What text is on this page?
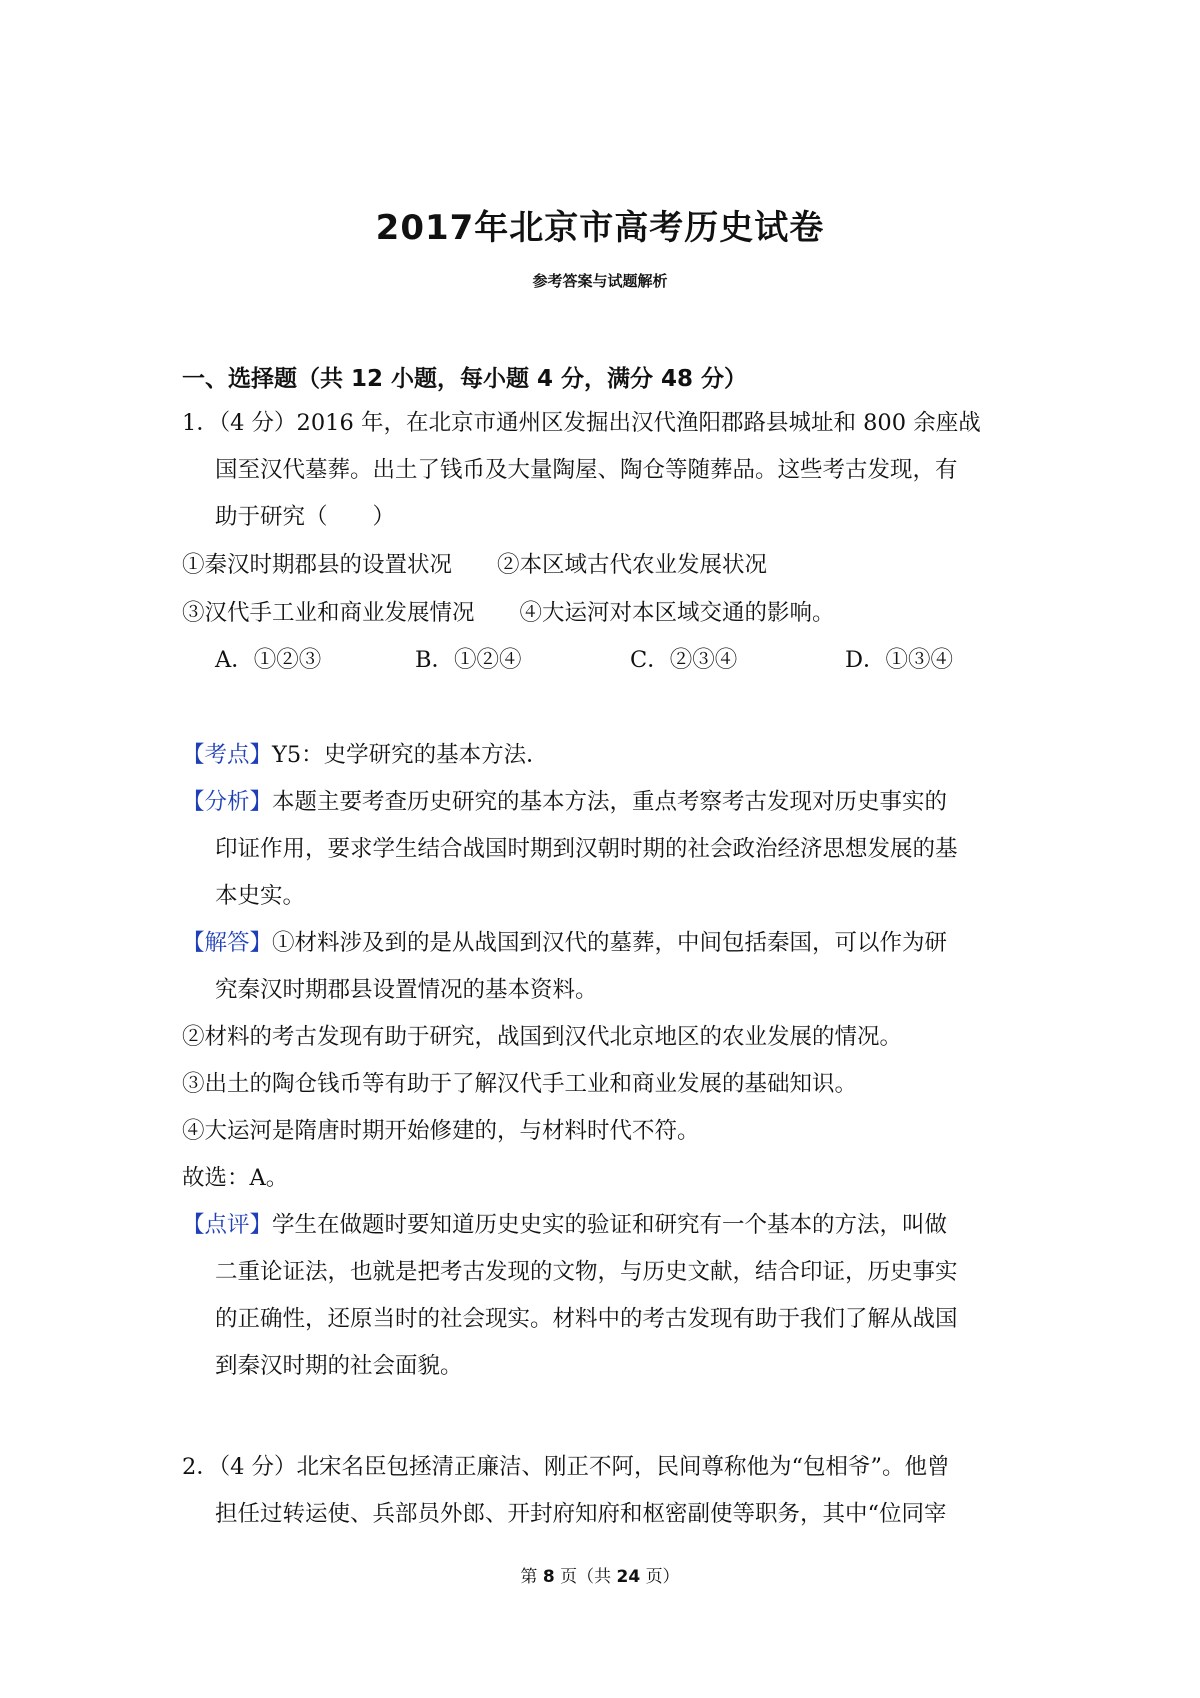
2017年北京市高考历史试卷
参考答案与试题解析
一、选择题（共 12 小题，每小题 4 分，满分 48 分）
1．（4 分）2016 年，在北京市通州区发掘出汉代渔阳郡路县城址和 800 余座战
国至汉代墓葬。出土了钱币及大量陶屋、陶仓等随葬品。这些考古发现，有
助于研究（　　）
①秦汉时期郡县的设置状况　　②本区域古代农业发展状况
③汉代手工业和商业发展情况　　④大运河对本区域交通的影响。
A．①②③	B．①②④	C．②③④	D．①③④
【考点】Y5：史学研究的基本方法．
【分析】本题主要考查历史研究的基本方法，重点考察考古发现对历史事实的
印证作用，要求学生结合战国时期到汉朝时期的社会政治经济思想发展的基
本史实。
【解答】①材料涉及到的是从战国到汉代的墓葬，中间包括秦国，可以作为研
究秦汉时期郡县设置情况的基本资料。
②材料的考古发现有助于研究，战国到汉代北京地区的农业发展的情况。
③出土的陶仓钱币等有助于了解汉代手工业和商业发展的基础知识。
④大运河是隋唐时期开始修建的，与材料时代不符。
故选：A。
【点评】学生在做题时要知道历史史实的验证和研究有一个基本的方法，叫做
二重论证法，也就是把考古发现的文物，与历史文献，结合印证，历史事实
的正确性，还原当时的社会现实。材料中的考古发现有助于我们了解从战国
到秦汉时期的社会面貌。
2．（4 分）北宋名臣包拯清正廉洁、刚正不阿，民间尊称他为“包相爷”。他曾
担任过转运使、兵部员外郎、开封府知府和枢密副使等职务，其中“位同宰
第 8 页（共 24 页）
